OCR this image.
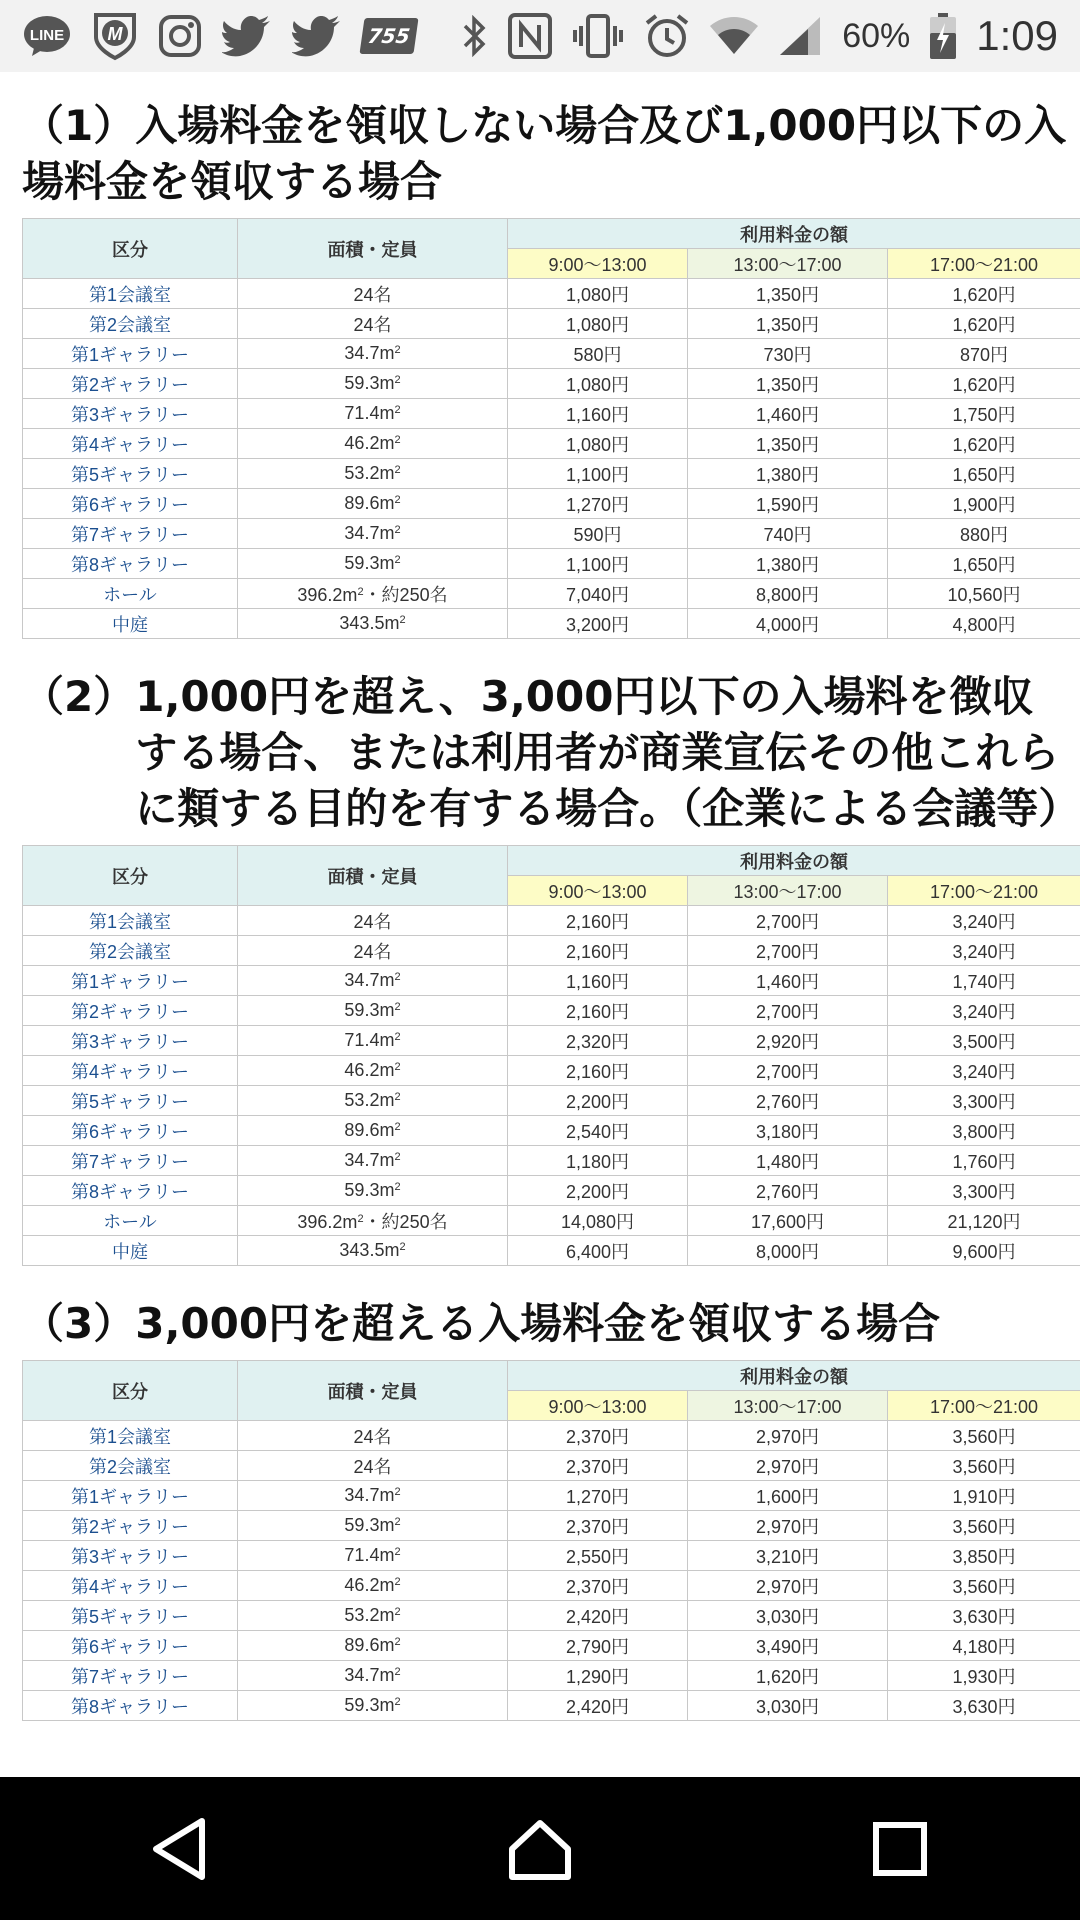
LINE M	755	60% 1:09
（1）入場料金を領収しない場合及び1,000円以下の入場料金を領収する場合
区分	面積・定員	利用料金の額		
		9:00～13:00	13:00～17:00	17:00～21:00
第1会議室	24名	1,080円	1,350円	1,620円
第2会議室	24名	1,080円	1,350円	1,620円
第1ギャラリー	$34.7m^2$	580円	730円	870円
第2ギャラリー	$59.3m^2$	1,080円	1,350円	1,620円
第3ギャラリー	$71.4m^2$	1,160円	1,460円	1,750円
第4ギャラリー	$46.2m^2$	1,080円	1,350円	1,620円
第5ギャラリー	$53.2m^2$	1,100円	1,380円	1,650円
第6ギャラリー	$89.6m^2$	1,270円	1,590円	1,900円
第7ギャラリー	$34.7m^2$	590円	740円	880円
第8ギャラリー	$59.3m^2$	1,100円	1,380円	1,650円
ホール	$396.2m^2$・約250名	7,040円	8,800円	10,560円
中庭	$343.5m^2$	3,200円	4,000円	4,800円
（2） 1,000円を超え、3,000円以下の入場料を徴収する場合、または利用者が商業宣伝その他これらに類する目的を有する場合。（企業による会議等）
区分	面積・定員	利用料金の額		
		9:00～13:00	13:00～17:00	17:00～21:00
第1会議室	24名	2,160円	2,700円	3,240円
第2会議室	24名	2,160円	2,700円	3,240円
第1ギャラリー	$34.7m^2$	1,160円	1,460円	1,740円
第2ギャラリー	$59.3m^2$	2,160円	2,700円	3,240円
第3ギャラリー	$71.4m^2$	2,320円	2,920円	3,500円
第4ギャラリー	$46.2m^2$	2,160円	2,700円	3,240円
第5ギャラリー	$53.2m^2$	2,200円	2,760円	3,300円
第6ギャラリー	$89.6m^2$	2,540円	3,180円	3,800円
第7ギャラリー	$34.7m^2$	1,180円	1,480円	1,760円
第8ギャラリー	$59.3m^2$	2,200円	2,760円	3,300円
ホール	$396.2m^2$・約250名	14,080円	17,600円	21,120円
中庭	$343.5m^2$	6,400円	8,000円	9,600円
（3）3,000円を超える入場料金を領収する場合
区分	面積・定員	利用料金の額		
		9:00～13:00	13:00～17:00	17:00～21:00
第1会議室	24名	2,370円	2,970円	3,560円
第2会議室	24名	2,370円	2,970円	3,560円
第1ギャラリー	$34.7m^2$	1,270円	1,600円	1,910円
第2ギャラリー	$59.3m^2$	2,370円	2,970円	3,560円
第3ギャラリー	$71.4m^2$	2,550円	3,210円	3,850円
第4ギャラリー	$46.2m^2$	2,370円	2,970円	3,560円
第5ギャラリー	$53.2m^2$	2,420円	3,030円	3,630円
第6ギャラリー	$89.6m^2$	2,790円	3,490円	4,180円
第7ギャラリー	$34.7m^2$	1,290円	1,620円	1,930円
第8ギャラリー	$59.3m^2$	2,420円	3,030円	3,630円
